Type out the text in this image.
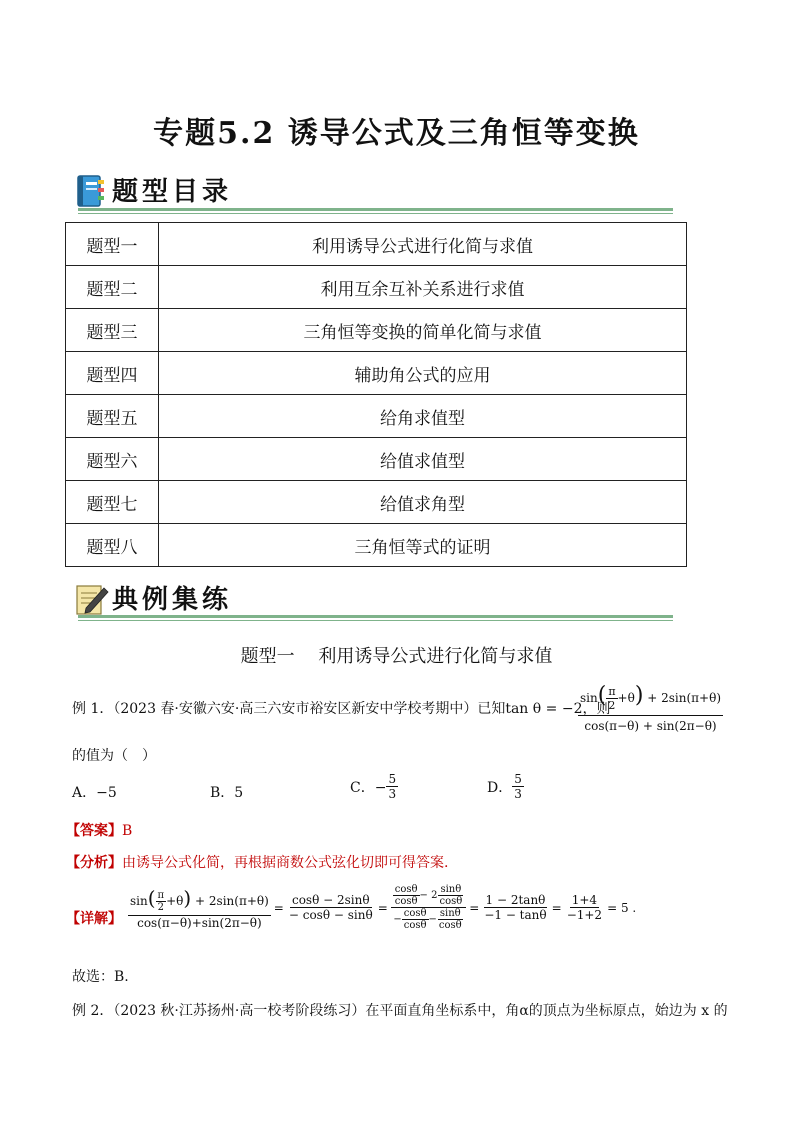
专题5.2 诱导公式及三角恒等变换
题型目录
题型一	利用诱导公式进行化简与求值
题型二	利用互余互补关系进行求值
题型三	三角恒等变换的简单化简与求值
题型四	辅助角公式的应用
题型五	给角求值型
题型六	给值求值型
题型七	给值求角型
题型八	三角恒等式的证明
典例集练
题型一　 利用诱导公式进行化简与求值
例 1．（2023 春·安徽六安·高三六安市裕安区新安中学校考期中）已知tan θ = −2，则
$\sin( \frac{\pi}{2} +\theta) + 2\sin(\pi+\theta)$
cos(π−θ) + sin(2π−θ)
的值为（　）
A．−5	B．5	C．− $\frac{5}{3}$	D． $\frac{5}{3}$
【答案】B
【分析】由诱导公式化简，再根据商数公式弦化切即可得答案.
【详解】 $\frac{\sin( \frac{\pi}{2} +\theta) + 2\sin(\pi+\theta)}{\cos(\pi-\theta)+\sin(2\pi-\theta)} = \frac{\cos\theta - 2\sin\theta}{- \cos\theta - \sin\theta} = \frac{\frac{\cos\theta}{\cos\theta} - 2 \frac{\sin\theta}{\cos\theta}}{- \frac{\cos\theta}{\cos\theta} - \frac{\sin\theta}{\cos\theta}} = \frac{1 - 2\tan\theta}{-1 - \tan\theta} = \frac{1+4}{-1+2} = 5$ .
故选：B.
例 2．（2023 秋·江苏扬州·高一校考阶段练习）在平面直角坐标系中，角α的顶点为坐标原点，始边为 x 的
